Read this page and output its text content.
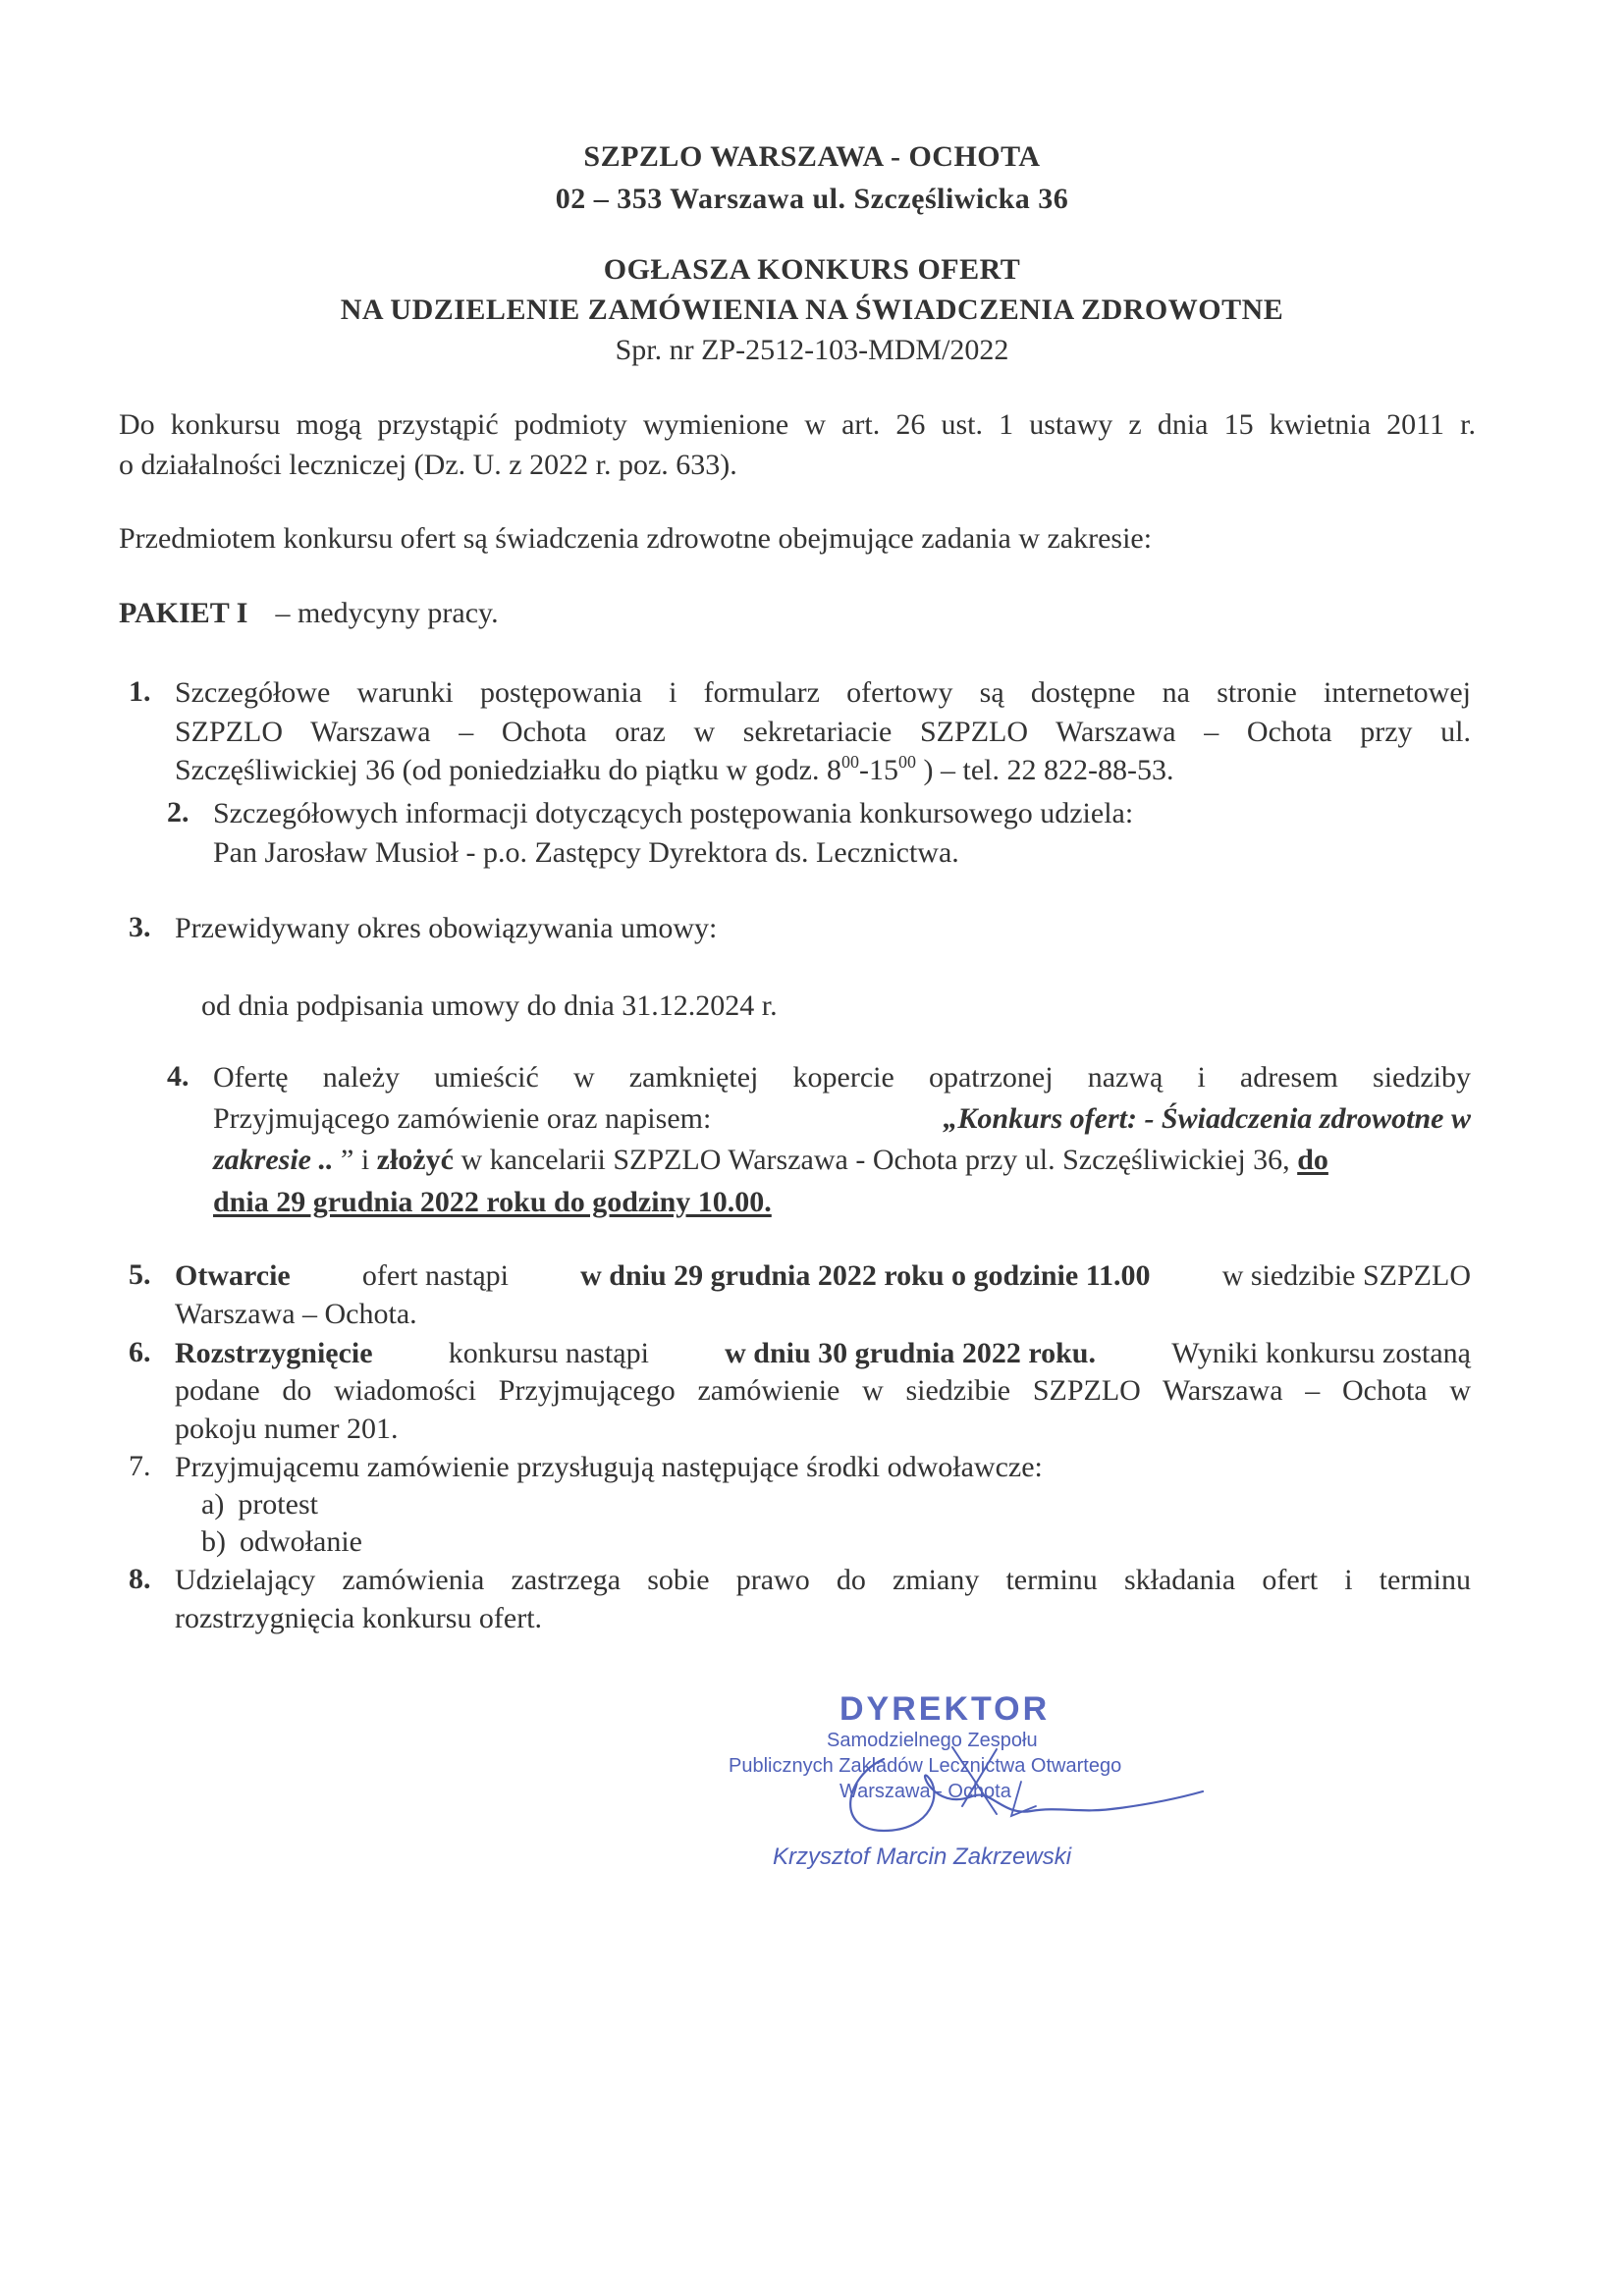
SZPZLO WARSZAWA - OCHOTA
02 – 353 Warszawa ul. Szczęśliwicka 36
OGŁASZA KONKURS OFERT
NA UDZIELENIE ZAMÓWIENIA NA ŚWIADCZENIA ZDROWOTNE
Spr. nr ZP-2512-103-MDM/2022
Do konkursu mogą przystąpić podmioty wymienione w art. 26 ust. 1 ustawy z dnia 15 kwietnia 2011 r.
o działalności leczniczej (Dz. U. z 2022 r. poz. 633).
Przedmiotem konkursu ofert są świadczenia zdrowotne obejmujące zadania w zakresie:
PAKIET I – medycyny pracy.
1. Szczegółowe warunki postępowania i formularz ofertowy są dostępne na stronie internetowej
SZPZLO Warszawa – Ochota oraz w sekretariacie SZPZLO Warszawa – Ochota przy ul.
Szczęśliwickiej 36 (od poniedziałku do piątku w godz. $8^{00}-15^{00}$ ) – tel. 22 822-88-53.
2. Szczegółowych informacji dotyczących postępowania konkursowego udziela:
Pan Jarosław Musioł - p.o. Zastępcy Dyrektora ds. Lecznictwa.
3. Przewidywany okres obowiązywania umowy:
od dnia podpisania umowy do dnia 31.12.2024 r.
4. Ofertę należy umieścić w zamkniętej kopercie opatrzonej nazwą i adresem siedziby
Przyjmującego zamówienie oraz napisem:	„Konkurs ofert: - Świadczenia zdrowotne w
zakresie .. ” i złożyć w kancelarii SZPZLO Warszawa - Ochota przy ul. Szczęśliwickiej 36, do
dnia 29 grudnia 2022 roku do godziny 10.00.
5. Otwarcie ofert nastąpi w dniu 29 grudnia 2022 roku o godzinie 11.00 w siedzibie SZPZLO
Warszawa – Ochota.
6. Rozstrzygnięcie	konkursu nastąpi	w dniu 30 grudnia 2022 roku.	Wyniki konkursu zostaną
podane do wiadomości Przyjmującego zamówienie w siedzibie SZPZLO Warszawa – Ochota w
pokoju numer 201.
7. Przyjmującemu zamówienie przysługują następujące środki odwoławcze:
a) protest
b) odwołanie
8. Udzielający zamówienia zastrzega sobie prawo do zmiany terminu składania ofert i terminu
rozstrzygnięcia konkursu ofert.
DYREKTOR
Samodzielnego Zespołu
Publicznych Zakładów Lecznictwa Otwartego
Warszawa - Ochota
Krzysztof Marcin Zakrzewski
